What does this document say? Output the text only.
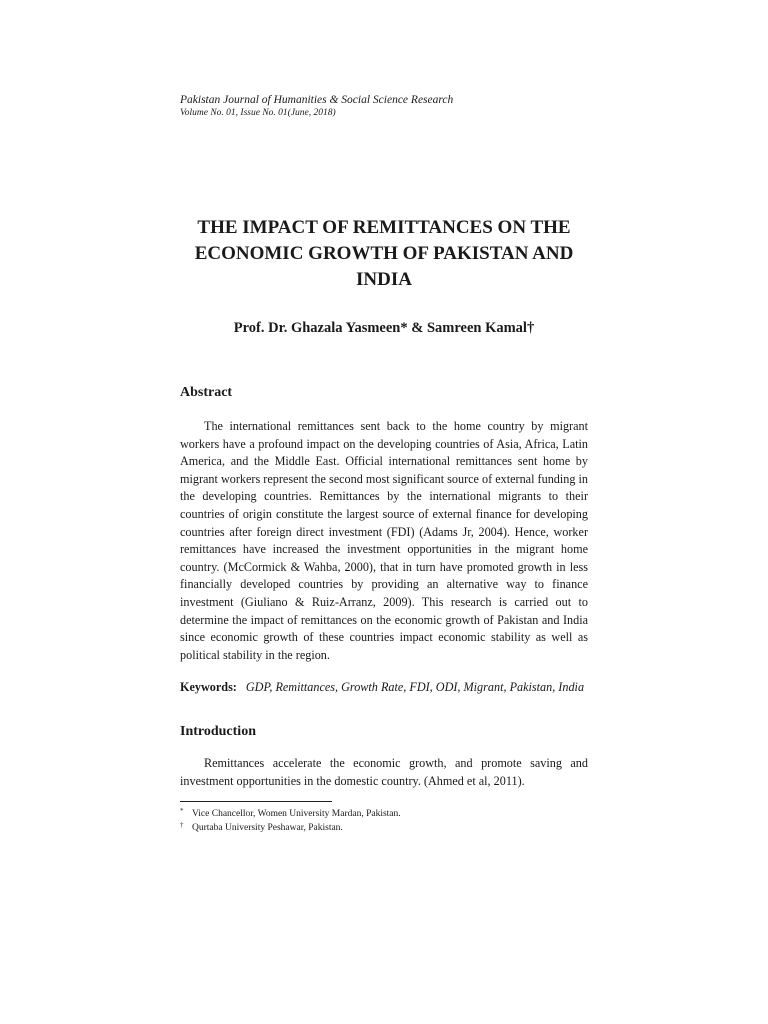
Pakistan Journal of Humanities & Social Science Research
Volume No. 01, Issue No. 01(June, 2018)
THE IMPACT OF REMITTANCES ON THE
ECONOMIC GROWTH OF PAKISTAN AND
INDIA
Prof. Dr. Ghazala Yasmeen* & Samreen Kamal†
Abstract

The international remittances sent back to the home country by migrant workers have a profound impact on the developing countries of Asia, Africa, Latin America, and the Middle East. Official international remittances sent home by migrant workers represent the second most significant source of external funding in the developing countries. Remittances by the international migrants to their countries of origin constitute the largest source of external finance for developing countries after foreign direct investment (FDI) (Adams Jr, 2004). Hence, worker remittances have increased the investment opportunities in the migrant home country. (McCormick & Wahba, 2000), that in turn have promoted growth in less financially developed countries by providing an alternative way to finance investment (Giuliano & Ruiz-Arranz, 2009). This research is carried out to determine the impact of remittances on the economic growth of Pakistan and India since economic growth of these countries impact economic stability as well as political stability in the region.

Keywords: GDP, Remittances, Growth Rate, FDI, ODI, Migrant, Pakistan, India
Introduction

Remittances accelerate the economic growth, and promote saving and investment opportunities in the domestic country. (Ahmed et al, 2011).

* Vice Chancellor, Women University Mardan, Pakistan.
† Qurtaba University Peshawar, Pakistan.
